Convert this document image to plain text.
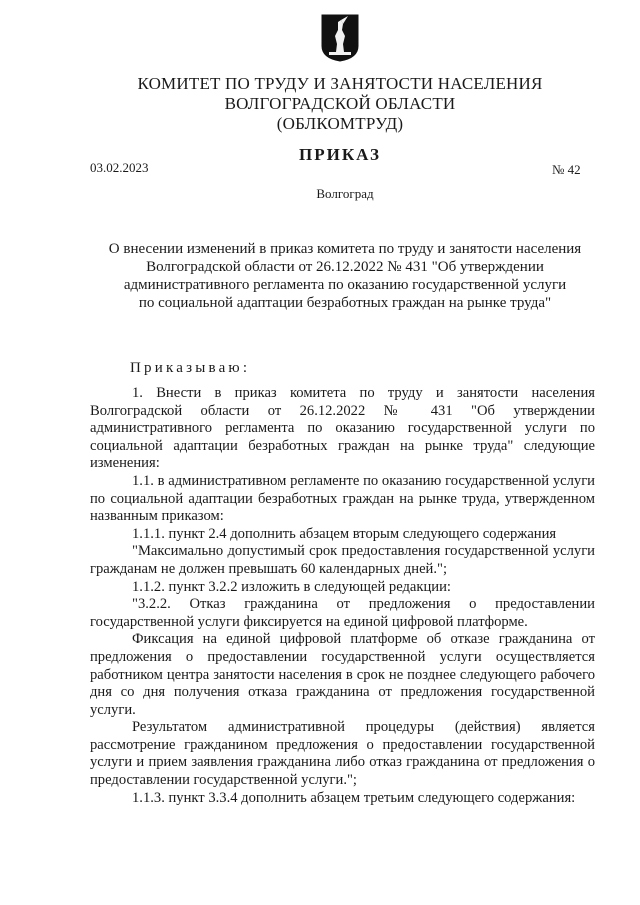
КОМИТЕТ ПО ТРУДУ И ЗАНЯТОСТИ НАСЕЛЕНИЯ
ВОЛГОГРАДСКОЙ ОБЛАСТИ
(ОБЛКОМТРУД)
ПРИКАЗ
03.02.2023	№ 42
Волгоград
О внесении изменений в приказ комитета по труду и занятости населения
Волгоградской области от 26.12.2022 № 431 "Об утверждении
административного регламента по оказанию государственной услуги
по социальной адаптации безработных граждан на рынке труда"
Приказываю:

1. Внести в приказ комитета по труду и занятости населения Волгоградской области от 26.12.2022 № 431 "Об утверждении административного регламента по оказанию государственной услуги по социальной адаптации безработных граждан на рынке труда" следующие изменения:

1.1. в административном регламенте по оказанию государственной услуги по социальной адаптации безработных граждан на рынке труда, утвержденном названным приказом:

1.1.1. пункт 2.4 дополнить абзацем вторым следующего содержания

"Максимально допустимый срок предоставления государственной услуги гражданам не должен превышать 60 календарных дней.";

1.1.2. пункт 3.2.2 изложить в следующей редакции:

"3.2.2. Отказ гражданина от предложения о предоставлении государственной услуги фиксируется на единой цифровой платформе.

Фиксация на единой цифровой платформе об отказе гражданина от предложения о предоставлении государственной услуги осуществляется работником центра занятости населения в срок не позднее следующего рабочего дня со дня получения отказа гражданина от предложения государственной услуги.

Результатом административной процедуры (действия) является рассмотрение гражданином предложения о предоставлении государственной услуги и прием заявления гражданина либо отказ гражданина от предложения о предоставлении государственной услуги.";

1.1.3. пункт 3.3.4 дополнить абзацем третьим следующего содержания:
